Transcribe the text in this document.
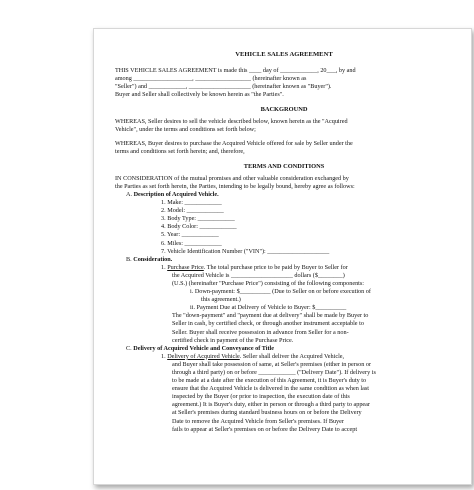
VEHICLE SALES AGREEMENT
THIS VEHICLE SALES AGREEMENT is made this ____ day of ____________, 20___, by and
among ___________________, __________________ (hereinafter known as
"Seller") and ____________, ____________________ (hereinafter known as "Buyer").
Buyer and Seller shall collectively be known herein as "the Parties".
BACKGROUND
WHEREAS, Seller desires to sell the vehicle described below, known herein as the "Acquired
Vehicle", under the terms and conditions set forth below;
WHEREAS, Buyer desires to purchase the Acquired Vehicle offered for sale by Seller under the
terms and conditions set forth herein; and, therefore,
TERMS AND CONDITIONS
IN CONSIDERATION of the mutual promises and other valuable consideration exchanged by
the Parties as set forth herein, the Parties, intending to be legally bound, hereby agree as follows:
A. Description of Acquired Vehicle.
1. Make: ____________
2. Model: ____________
3. Body Type: ____________
4. Body Color: ____________
5. Year: ____________
6. Miles: ____________
7. Vehicle Identification Number ("VIN"): ____________________
B. Consideration.
1. Purchase Price. The total purchase price to be paid by Buyer to Seller for
the Acquired Vehicle is ____________________ dollars ($________)
(U.S.) (hereinafter "Purchase Price") consisting of the following components:
i. Down-payment: $__________ (Due to Seller on or before execution of
this agreement.)
ii. Payment Due at Delivery of Vehicle to Buyer: $__________
The "down-payment" and "payment due at delivery" shall be made by Buyer to
Seller in cash, by certified check, or through another instrument acceptable to
Seller. Buyer shall receive possession in advance from Seller for a non-
certified check in payment of the Purchase Price.
C. Delivery of Acquired Vehicle and Conveyance of Title
1. Delivery of Acquired Vehicle. Seller shall deliver the Acquired Vehicle,
and Buyer shall take possession of same, at Seller's premises (either in person or
through a third party) on or before ____________ ("Delivery Date"). If delivery is
to be made at a date after the execution of this Agreement, it is Buyer's duty to
ensure that the Acquired Vehicle is delivered in the same condition as when last
inspected by the Buyer (or prior to inspection, the execution date of this
agreement.) It is Buyer's duty, either in person or through a third party to appear
at Seller's premises during standard business hours on or before the Delivery
Date to remove the Acquired Vehicle from Seller's premises. If Buyer
fails to appear at Seller's premises on or before the Delivery Date to accept
